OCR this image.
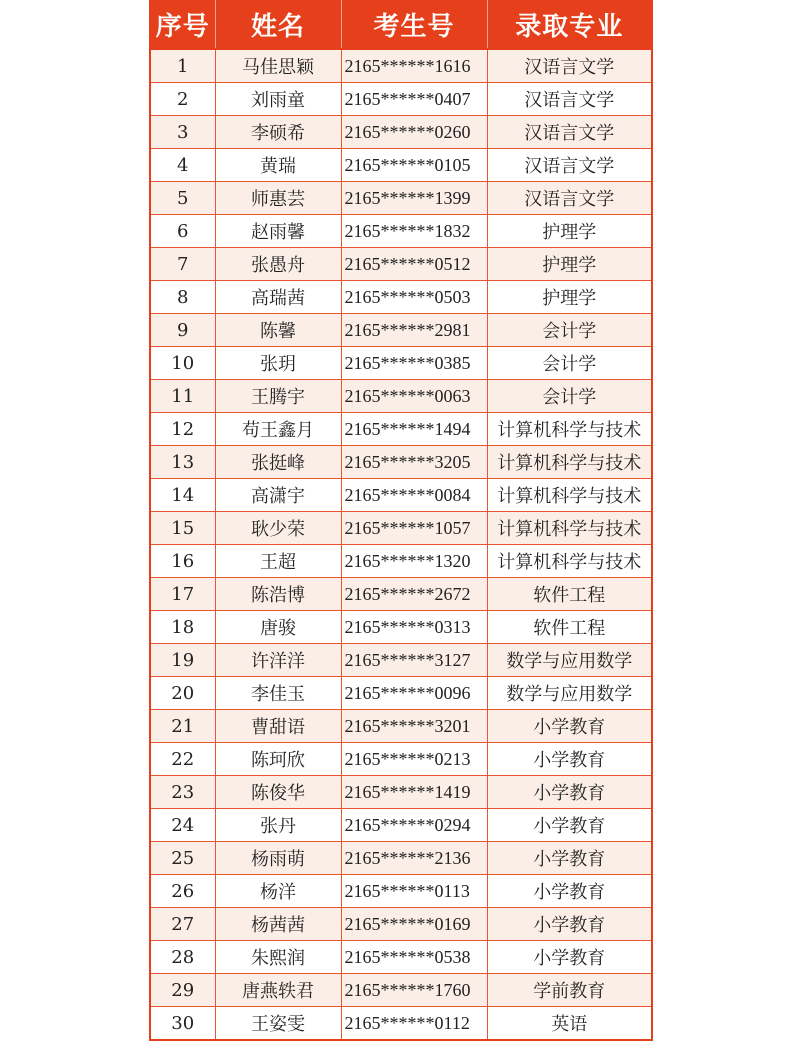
序号	姓名	考生号	录取专业
1	马佳思颖	2165******1616	汉语言文学
2	刘雨童	2165******0407	汉语言文学
3	李硕希	2165******0260	汉语言文学
4	黄瑞	2165******0105	汉语言文学
5	师惠芸	2165******1399	汉语言文学
6	赵雨馨	2165******1832	护理学
7	张愚舟	2165******0512	护理学
8	高瑞茜	2165******0503	护理学
9	陈馨	2165******2981	会计学
10	张玥	2165******0385	会计学
11	王腾宇	2165******0063	会计学
12	苟王鑫月	2165******1494	计算机科学与技术
13	张挺峰	2165******3205	计算机科学与技术
14	高潇宇	2165******0084	计算机科学与技术
15	耿少荣	2165******1057	计算机科学与技术
16	王超	2165******1320	计算机科学与技术
17	陈浩博	2165******2672	软件工程
18	唐骏	2165******0313	软件工程
19	许洋洋	2165******3127	数学与应用数学
20	李佳玉	2165******0096	数学与应用数学
21	曹甜语	2165******3201	小学教育
22	陈珂欣	2165******0213	小学教育
23	陈俊华	2165******1419	小学教育
24	张丹	2165******0294	小学教育
25	杨雨萌	2165******2136	小学教育
26	杨洋	2165******0113	小学教育
27	杨茜茜	2165******0169	小学教育
28	朱熙润	2165******0538	小学教育
29	唐燕轶君	2165******1760	学前教育
30	王姿雯	2165******0112	英语
